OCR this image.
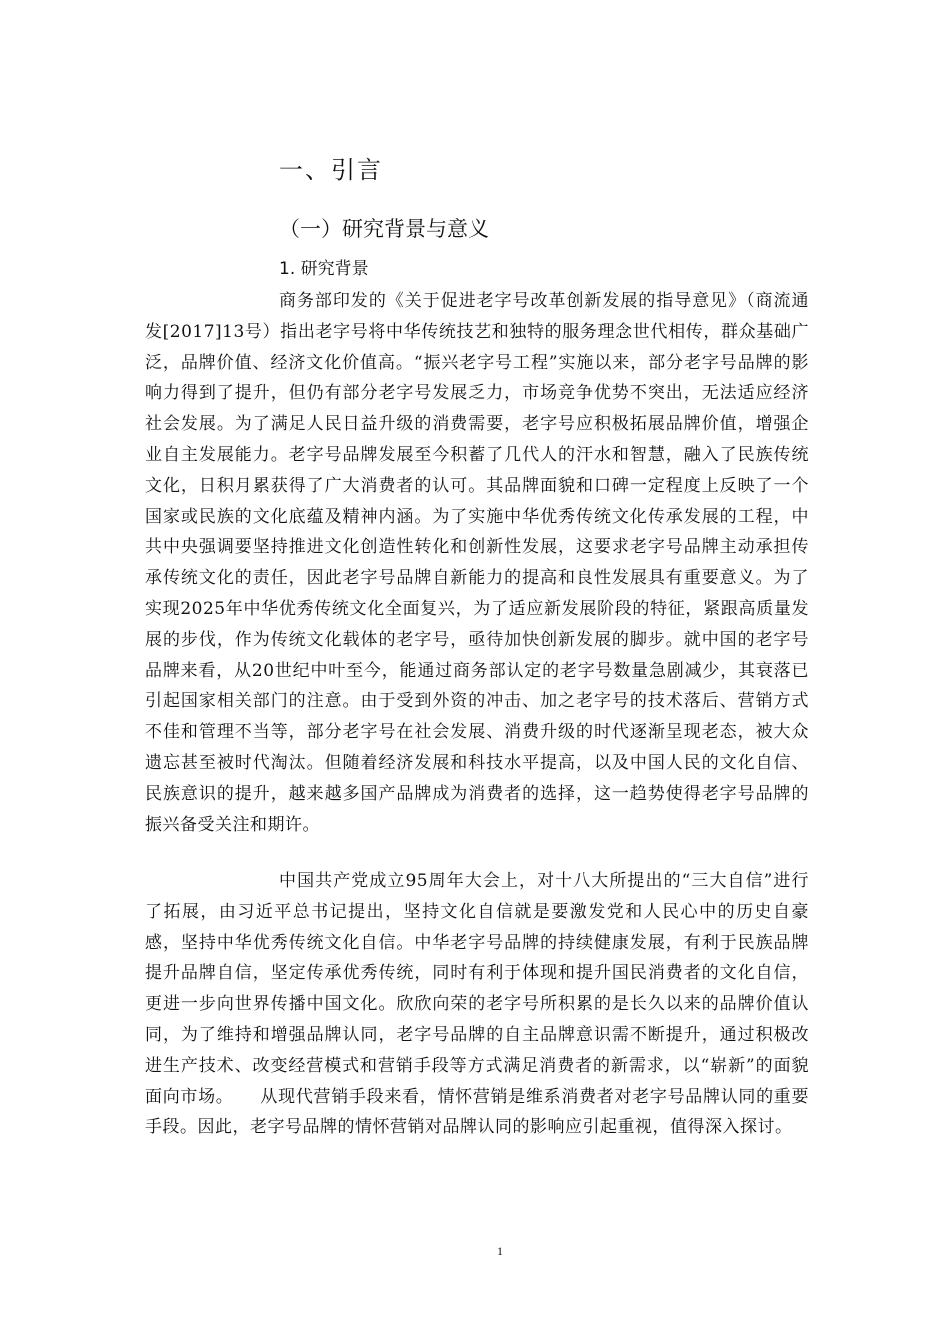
一、引言
（一）研究背景与意义
1. 研究背景

商务部印发的《关于促进老字号改革创新发展的指导意见》（商流通发[2017]13号）指出老字号将中华传统技艺和独特的服务理念世代相传，群众基础广泛，品牌价值、经济文化价值高。“振兴老字号工程”实施以来，部分老字号品牌的影响力得到了提升，但仍有部分老字号发展乏力，市场竞争优势不突出，无法适应经济社会发展。为了满足人民日益升级的消费需要，老字号应积极拓展品牌价值，增强企业自主发展能力。老字号品牌发展至今积蓄了几代人的汗水和智慧，融入了民族传统文化，日积月累获得了广大消费者的认可。其品牌面貌和口碑一定程度上反映了一个国家或民族的文化底蕴及精神内涵。为了实施中华优秀传统文化传承发展的工程，中共中央强调要坚持推进文化创造性转化和创新性发展，这要求老字号品牌主动承担传承传统文化的责任，因此老字号品牌自新能力的提高和良性发展具有重要意义。为了实现2025年中华优秀传统文化全面复兴，为了适应新发展阶段的特征，紧跟高质量发展的步伐，作为传统文化载体的老字号，亟待加快创新发展的脚步。就中国的老字号品牌来看，从20世纪中叶至今，能通过商务部认定的老字号数量急剧减少，其衰落已引起国家相关部门的注意。由于受到外资的冲击、加之老字号的技术落后、营销方式不佳和管理不当等，部分老字号在社会发展、消费升级的时代逐渐呈现老态，被大众遗忘甚至被时代淘汰。但随着经济发展和科技水平提高，以及中国人民的文化自信、民族意识的提升，越来越多国产品牌成为消费者的选择，这一趋势使得老字号品牌的振兴备受关注和期许。

中国共产党成立95周年大会上，对十八大所提出的“三大自信”进行了拓展，由习近平总书记提出，坚持文化自信就是要激发党和人民心中的历史自豪感，坚持中华优秀传统文化自信。中华老字号品牌的持续健康发展，有利于民族品牌提升品牌自信，坚定传承优秀传统，同时有利于体现和提升国民消费者的文化自信，更进一步向世界传播中国文化。欣欣向荣的老字号所积累的是长久以来的品牌价值认同，为了维持和增强品牌认同，老字号品牌的自主品牌意识需不断提升，通过积极改进生产技术、改变经营模式和营销手段等方式满足消费者的新需求，以“崭新”的面貌面向市场。　　从现代营销手段来看，情怀营销是维系消费者对老字号品牌认同的重要手段。因此，老字号品牌的情怀营销对品牌认同的影响应引起重视，值得深入探讨。

1
